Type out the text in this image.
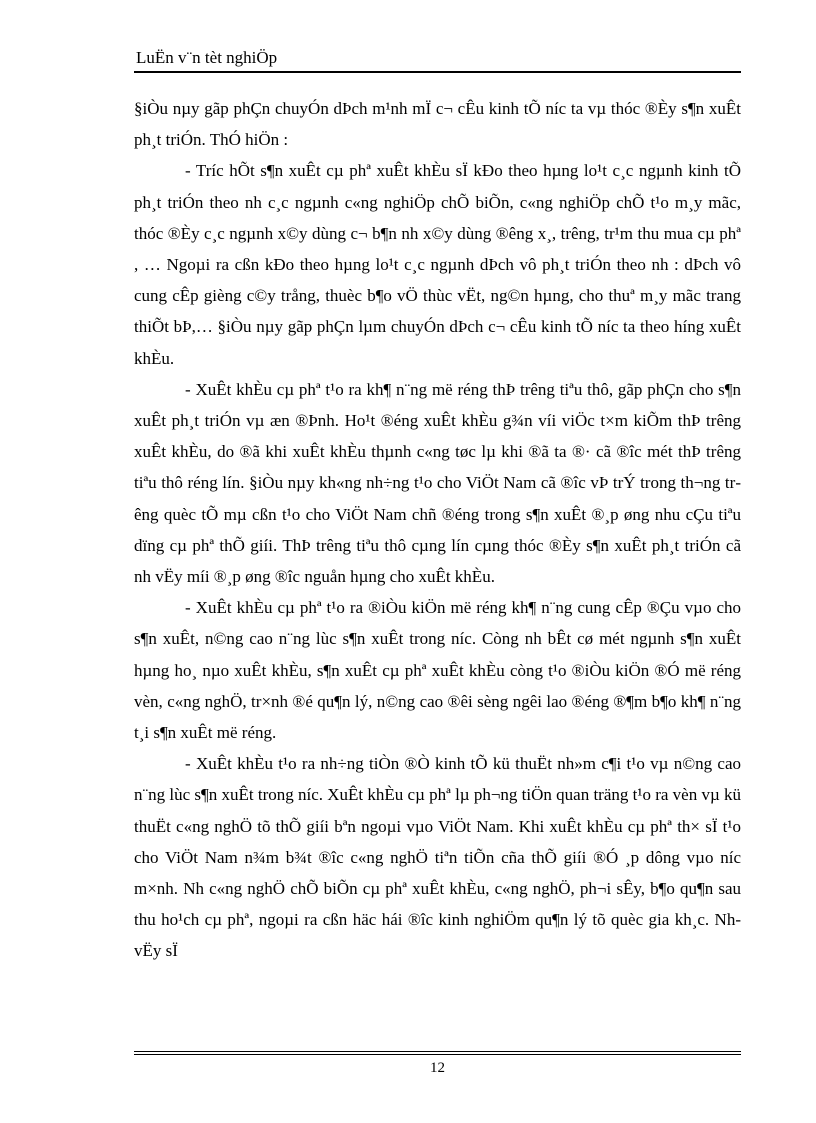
LuËn v¨n tèt nghiÖp

§iÒu nµy gãp phÇn chuyÓn dÞch m¹nh mÏ c¬ cÊu kinh tÕ níc ta vµ thóc ®Èy s¶n xuÊt ph¸t triÓn. ThÓ hiÖn :

- Tríc hÕt s¶n xuÊt cµ phª xuÊt khÈu sÏ kÐo theo hµng lo¹t c¸c ngµnh kinh tÕ ph¸t triÓn theo nh c¸c ngµnh c«ng nghiÖp chÕ biÕn, c«ng nghiÖp chÕ t¹o m¸y mãc, thóc ®Èy c¸c ngµnh x©y dùng c¬ b¶n nh x©y dùng ®êng x¸, trêng, tr¹m thu mua cµ phª , … Ngoµi ra cßn kÐo theo hµng lo¹t c¸c ngµnh dÞch vô ph¸t triÓn theo nh : dÞch vô cung cÊp gièng c©y trång, thuèc b¶o vÖ thùc vËt, ng©n hµng, cho thuª m¸y mãc trang thiÕt bÞ,… §iÒu nµy gãp phÇn lµm chuyÓn dÞch c¬ cÊu kinh tÕ níc ta theo híng xuÊt khÈu.

- XuÊt khÈu cµ phª t¹o ra kh¶ n¨ng më réng thÞ trêng tiªu thô, gãp phÇn cho s¶n xuÊt ph¸t triÓn vµ æn ®Þnh. Ho¹t ®éng xuÊt khÈu g¾n víi viÖc t×m kiÕm thÞ trêng xuÊt khÈu, do ®ã khi xuÊt khÈu thµnh c«ng tøc lµ khi ®ã ta ®· cã ®îc mét thÞ trêng tiªu thô réng lín. §iÒu nµy kh«ng nh÷ng t¹o cho ViÖt Nam cã ®îc vÞ trÝ trong th¬ng trêng quèc tÕ mµ cßn t¹o cho ViÖt Nam chñ ®éng trong s¶n xuÊt ®¸p øng nhu cÇu tiªu dïng cµ phª thÕ giíi. ThÞ trêng tiªu thô cµng lín cµng thóc ®Èy s¶n xuÊt ph¸t triÓn cã nh vËy míi ®¸p øng ®îc nguån hµng cho xuÊt khÈu.

- XuÊt khÈu cµ phª t¹o ra ®iÒu kiÖn më réng kh¶ n¨ng cung cÊp ®Çu vµo cho s¶n xuÊt, n©ng cao n¨ng lùc s¶n xuÊt trong níc. Còng nh bÊt cø mét ngµnh s¶n xuÊt hµng ho¸ nµo xuÊt khÈu, s¶n xuÊt cµ phª xuÊt khÈu còng t¹o ®iÒu kiÖn ®Ó më réng vèn, c«ng nghÖ, tr×nh ®é qu¶n lý, n©ng cao ®êi sèng ngêi lao ®éng ®¶m b¶o kh¶ n¨ng t¸i s¶n xuÊt më réng.

- XuÊt khÈu t¹o ra nh÷ng tiÒn ®Ò kinh tÕ kü thuËt nh»m c¶i t¹o vµ n©ng cao n¨ng lùc s¶n xuÊt trong níc. XuÊt khÈu cµ phª lµ ph¬ng tiÖn quan träng t¹o ra vèn vµ kü thuËt c«ng nghÖ tõ thÕ giíi bªn ngoµi vµo ViÖt Nam. Khi xuÊt khÈu cµ phª th× sÏ t¹o cho ViÖt Nam n¾m b¾t ®îc c«ng nghÖ tiªn tiÕn cña thÕ giíi ®Ó ¸p dông vµo níc m×nh. Nh c«ng nghÖ chÕ biÕn cµ phª xuÊt khÈu, c«ng nghÖ, ph¬i sÊy, b¶o qu¶n sau thu ho¹ch cµ phª, ngoµi ra cßn häc hái ®îc kinh nghiÖm qu¶n lý tõ quèc gia kh¸c. Nh vËy sÏ

12
